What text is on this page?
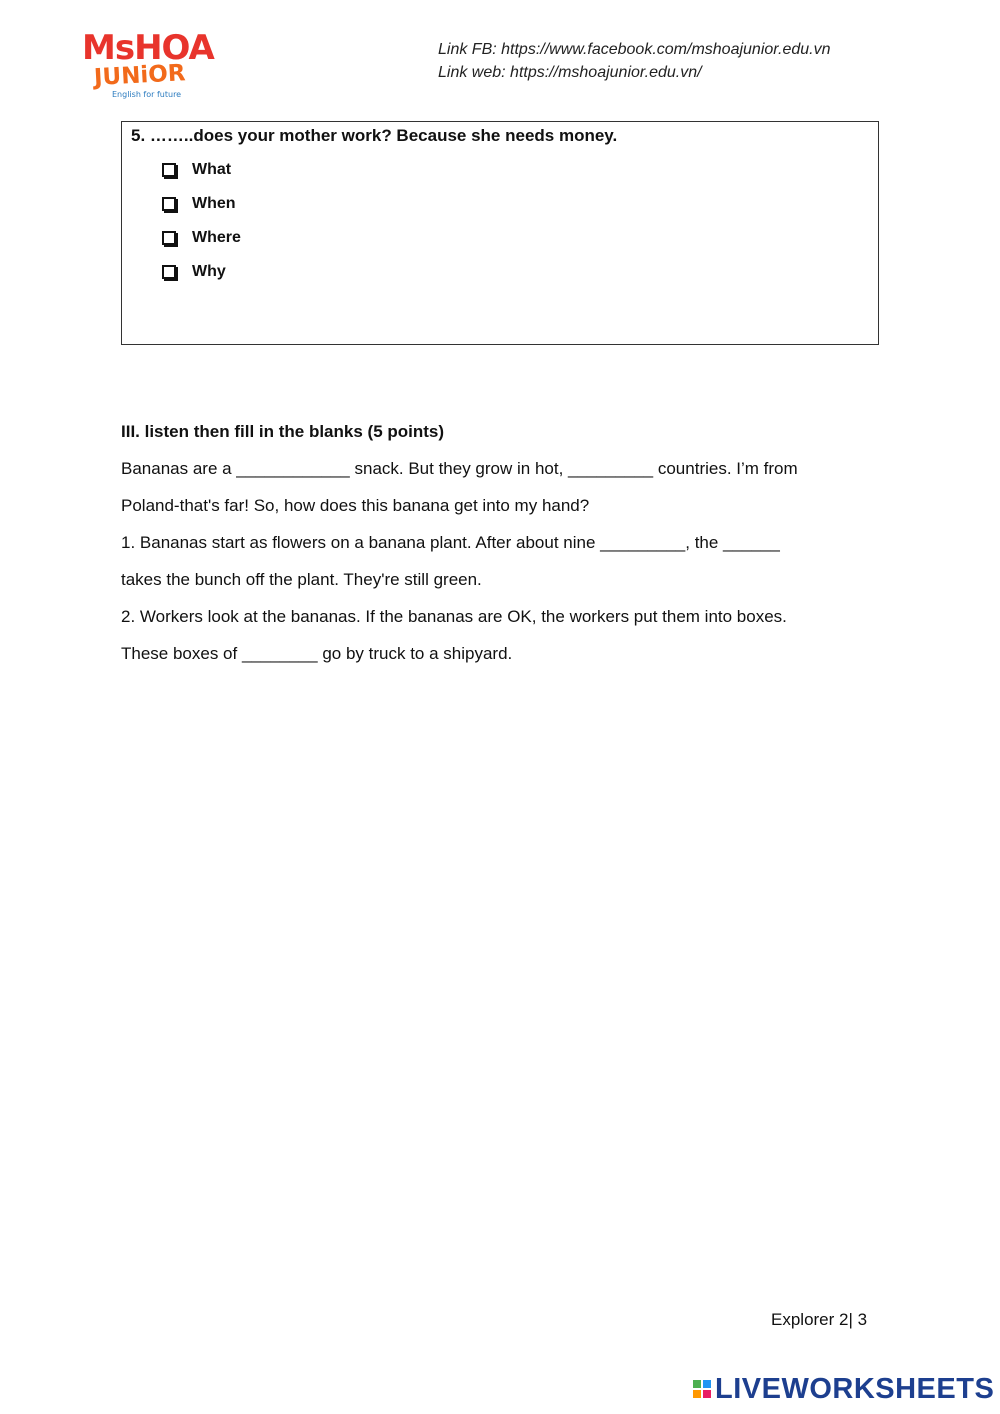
MsHOA
JUNiOR
English for future
Link FB: https://www.facebook.com/mshoajunior.edu.vn
Link web: https://mshoajunior.edu.vn/
5. ……..does your mother work? Because she needs money.
What
When
Where
Why
III. listen then fill in the blanks (5 points)
Bananas are a ____________ snack. But they grow in hot, _________ countries. I’m from
Poland-that's far! So, how does this banana get into my hand?
1. Bananas start as flowers on a banana plant. After about nine _________, the ______
takes the bunch off the plant. They're still green.
2. Workers look at the bananas. If the bananas are OK, the workers put them into boxes.
These boxes of ________ go by truck to a shipyard.
Explorer 2| 3
LIVEWORKSHEETS
